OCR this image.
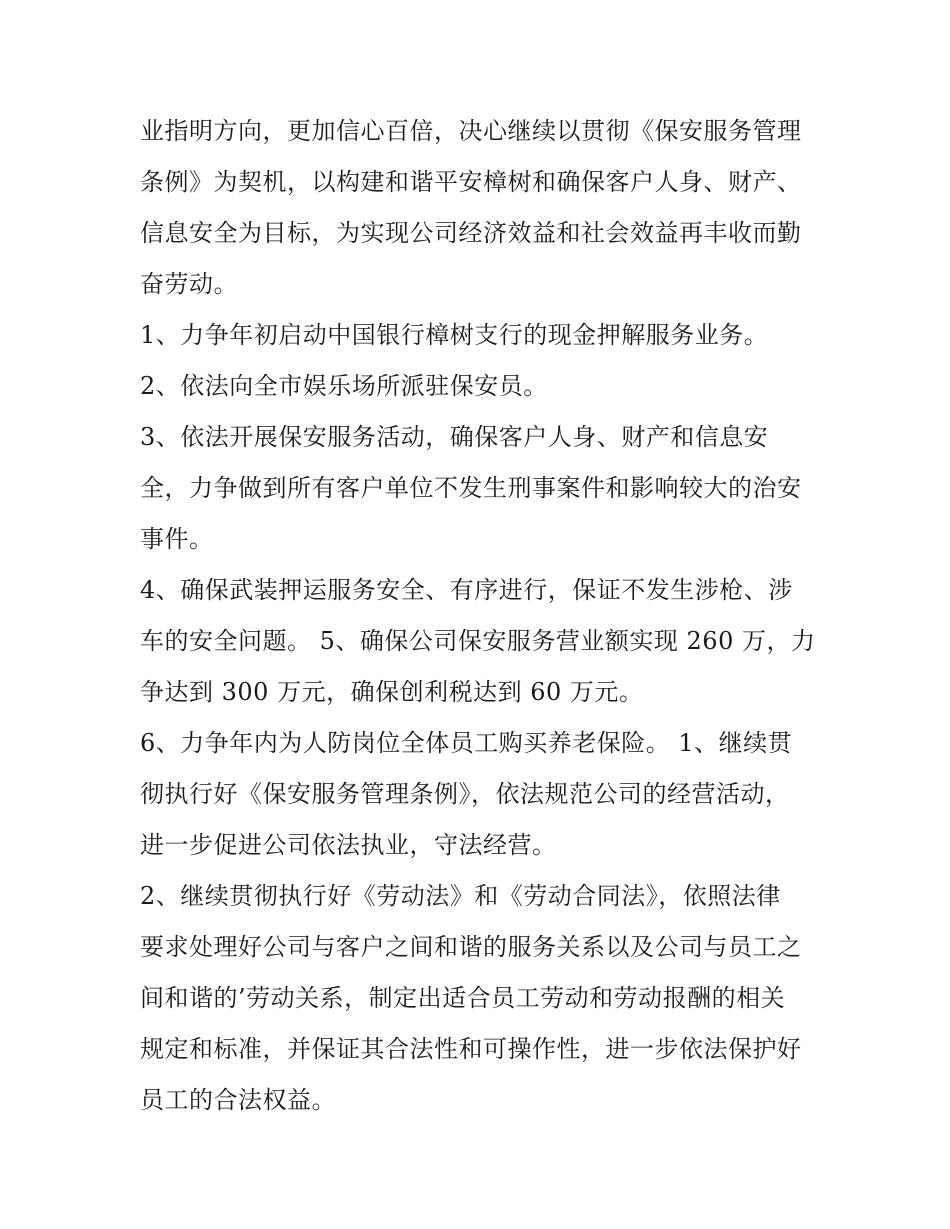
业指明方向，更加信心百倍，决心继续以贯彻《保安服务管理
条例》为契机，以构建和谐平安樟树和确保客户人身、财产、
信息安全为目标，为实现公司经济效益和社会效益再丰收而勤
奋劳动。
1、力争年初启动中国银行樟树支行的现金押解服务业务。
2、依法向全市娱乐场所派驻保安员。
3、依法开展保安服务活动，确保客户人身、财产和信息安
全，力争做到所有客户单位不发生刑事案件和影响较大的治安
事件。
4、确保武装押运服务安全、有序进行，保证不发生涉枪、涉
车的安全问题。 5、确保公司保安服务营业额实现 260 万，力
争达到 300 万元，确保创利税达到 60 万元。
6、力争年内为人防岗位全体员工购买养老保险。 1、继续贯
彻执行好《保安服务管理条例》，依法规范公司的经营活动，
进一步促进公司依法执业，守法经营。
2、继续贯彻执行好《劳动法》和《劳动合同法》，依照法律
要求处理好公司与客户之间和谐的服务关系以及公司与员工之
间和谐的’劳动关系，制定出适合员工劳动和劳动报酬的相关
规定和标准，并保证其合法性和可操作性，进一步依法保护好
员工的合法权益。
